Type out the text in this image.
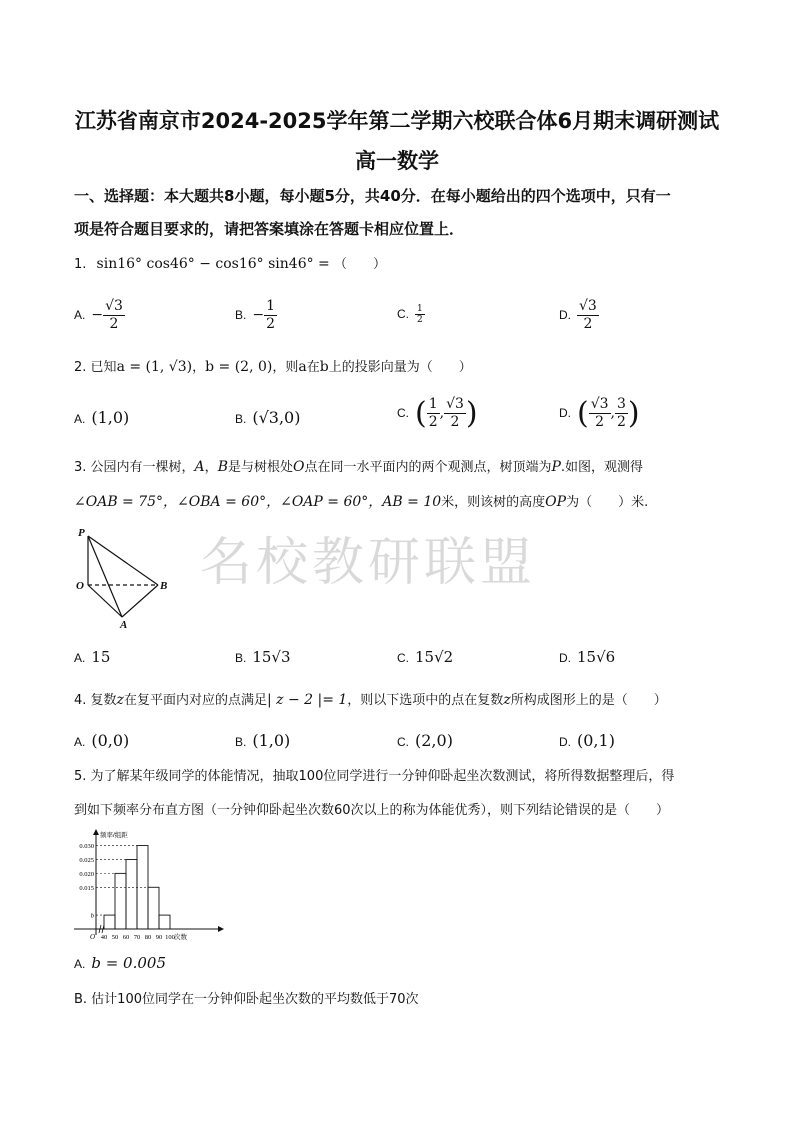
江苏省南京市2024-2025学年第二学期六校联合体6月期末调研测试
高一数学
一、选择题：本大题共8小题，每小题5分，共40分．在每小题给出的四个选项中，只有一
项是符合题目要求的，请把答案填涂在答题卡相应位置上．
名校教研联盟
1. sin16° cos46° − cos16° sin46° = （　　）
A. − $\frac{√3}{2}$	B. − $\frac{1}{2}$	C. $\frac{1}{2}$	D. $\frac{√3}{2}$
2. 已知a = (1, √3)，b = (2, 0)，则a在b上的投影向量为（　　）
A. (1,0)	B. (√3,0)	C. ( $\frac{1}{2}$ , $\frac{√3}{2}$ )	D. ( $\frac{√3}{2}$ , $\frac{3}{2}$ )
3. 公园内有一棵树，A，B是与树根处O点在同一水平面内的两个观测点，树顶端为P.如图，观测得
∠OAB = 75°，∠OBA = 60°，∠OAP = 60°，AB = 10米，则该树的高度OP为（　　）米.
P
O	B
A
A. 15	B. 15√3	C. 15√2	D. 15√6
4. 复数z在复平面内对应的点满足| z − 2 |= 1，则以下选项中的点在复数z所构成图形上的是（　　）
A. (0,0)	B. (1,0)	C. (2,0)	D. (0,1)
5. 为了解某年级同学的体能情况，抽取100位同学进行一分钟仰卧起坐次数测试，将所得数据整理后，得
到如下频率分布直方图（一分钟仰卧起坐次数60次以上的称为体能优秀），则下列结论错误的是（　　）
b
0.015
0.020
0.025
0.030
40 50 60 70 80 90 100 次数
O
频率/组距
A. b = 0.005
B. 估计100位同学在一分钟仰卧起坐次数的平均数低于70次
